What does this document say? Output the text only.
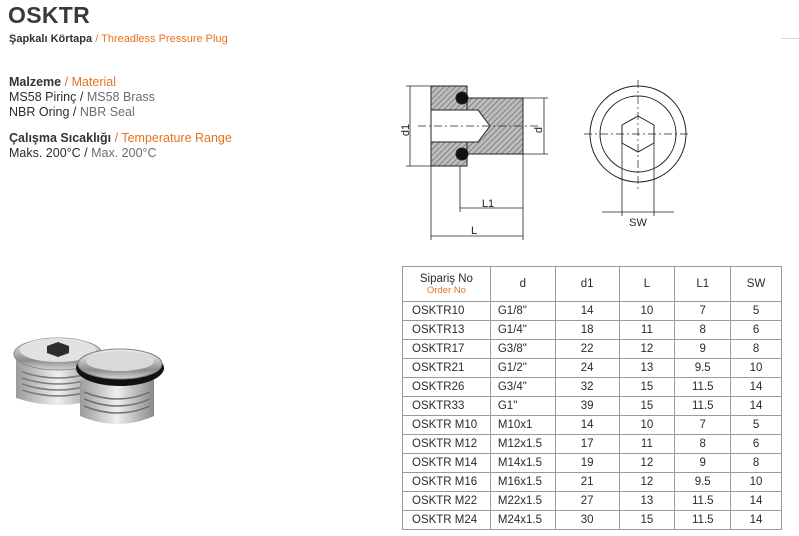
OSKTR
Şapkalı Körtapa / Threadless Pressure Plug
Malzeme / Material
MS58 Pirinç / MS58 Brass
NBR Oring / NBR Seal
Çalışma Sıcaklığı / Temperature Range
Maks. 200°C / Max. 200°C
d1	d
L1
L
SW
Sipariş No
Order No	d	d1	L	L1	SW
OSKTR10	G1/8"	14	10	7	5
OSKTR13	G1/4"	18	11	8	6
OSKTR17	G3/8"	22	12	9	8
OSKTR21	G1/2"	24	13	9.5	10
OSKTR26	G3/4"	32	15	11.5	14
OSKTR33	G1"	39	15	11.5	14
OSKTR M10	M10x1	14	10	7	5
OSKTR M12	M12x1.5	17	11	8	6
OSKTR M14	M14x1.5	19	12	9	8
OSKTR M16	M16x1.5	21	12	9.5	10
OSKTR M22	M22x1.5	27	13	11.5	14
OSKTR M24	M24x1.5	30	15	11.5	14
